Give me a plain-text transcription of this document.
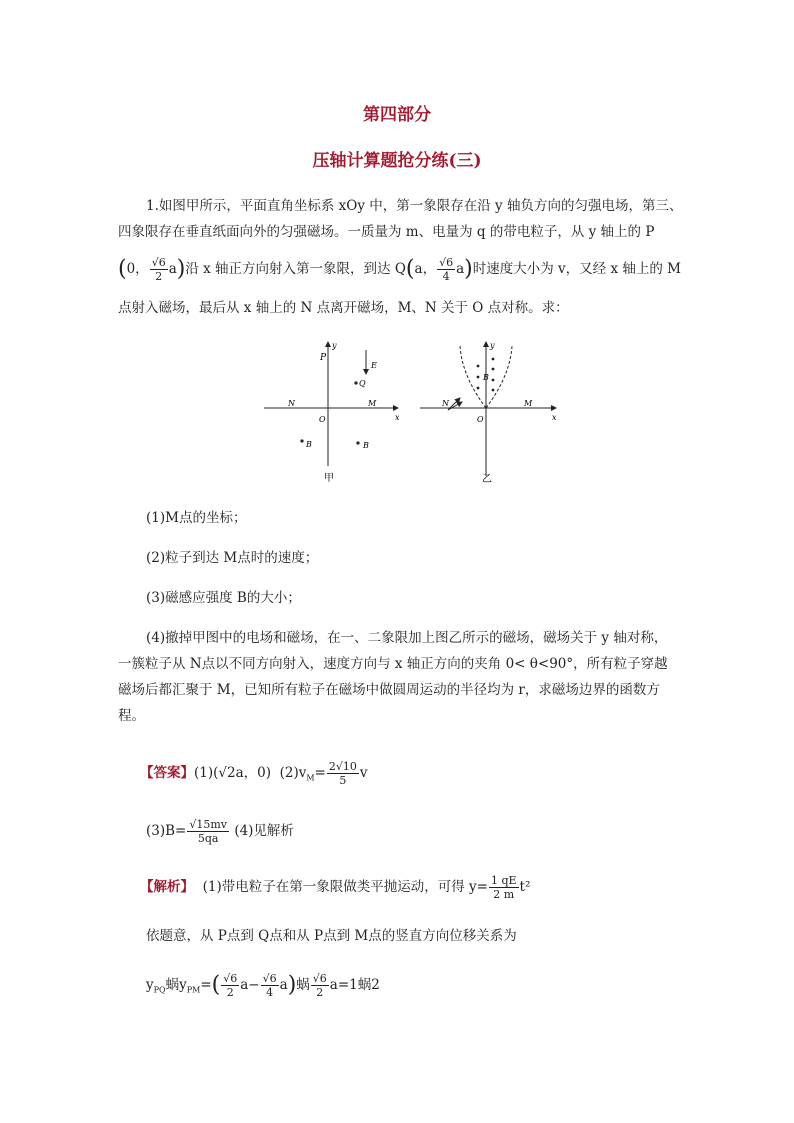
第四部分
压轴计算题抢分练(三)
1.如图甲所示，平面直角坐标系 xOy 中，第一象限存在沿 y 轴负方向的匀强电场，第三、
四象限存在垂直纸面向外的匀强磁场。一质量为 m、电量为 q 的带电粒子，从 y 轴上的 P
(0， $\frac{√6}{2} a$)沿 x 轴正方向射入第一象限，到达 Q(a， $\frac{√6}{4} a$)时速度大小为 v，又经 x 轴上的 M
点射入磁场，最后从 x 轴上的 N 点离开磁场，M、N 关于 O 点对称。求：
P
y
E
Q
N
O
M
x
B	B
甲
y
B
N
O
M
x
乙
(1)M点的坐标；
(2)粒子到达 M点时的速度；
(3)磁感应强度 B的大小；
(4)撤掉甲图中的电场和磁场，在一、二象限加上图乙所示的磁场，磁场关于 y 轴对称，
一簇粒子从 N点以不同方向射入，速度方向与 x 轴正方向的夹角 0< θ<90°，所有粒子穿越
磁场后都汇聚于 M，已知所有粒子在磁场中做圆周运动的半径均为 r，求磁场边界的函数方
程。
【答案】(1)(√2a，0) $(2)v_M= \frac{2√10}{5}$ v
$(3)B= \frac{√15mv}{5qa} (4)$见解析
【解析】 (1)带电粒子在第一象限做类平抛运动，可得 $y= \frac{1 qE}{2 m} t^2$
依题意，从 P点到 Q点和从 P点到 M点的竖直方向位移关系为
$y_{PQ}$蜗$y_{PM}=( \frac{√6}{2} a- \frac{√6}{4} a)$蜗 $\frac{√6}{2} a=1$蜗2
